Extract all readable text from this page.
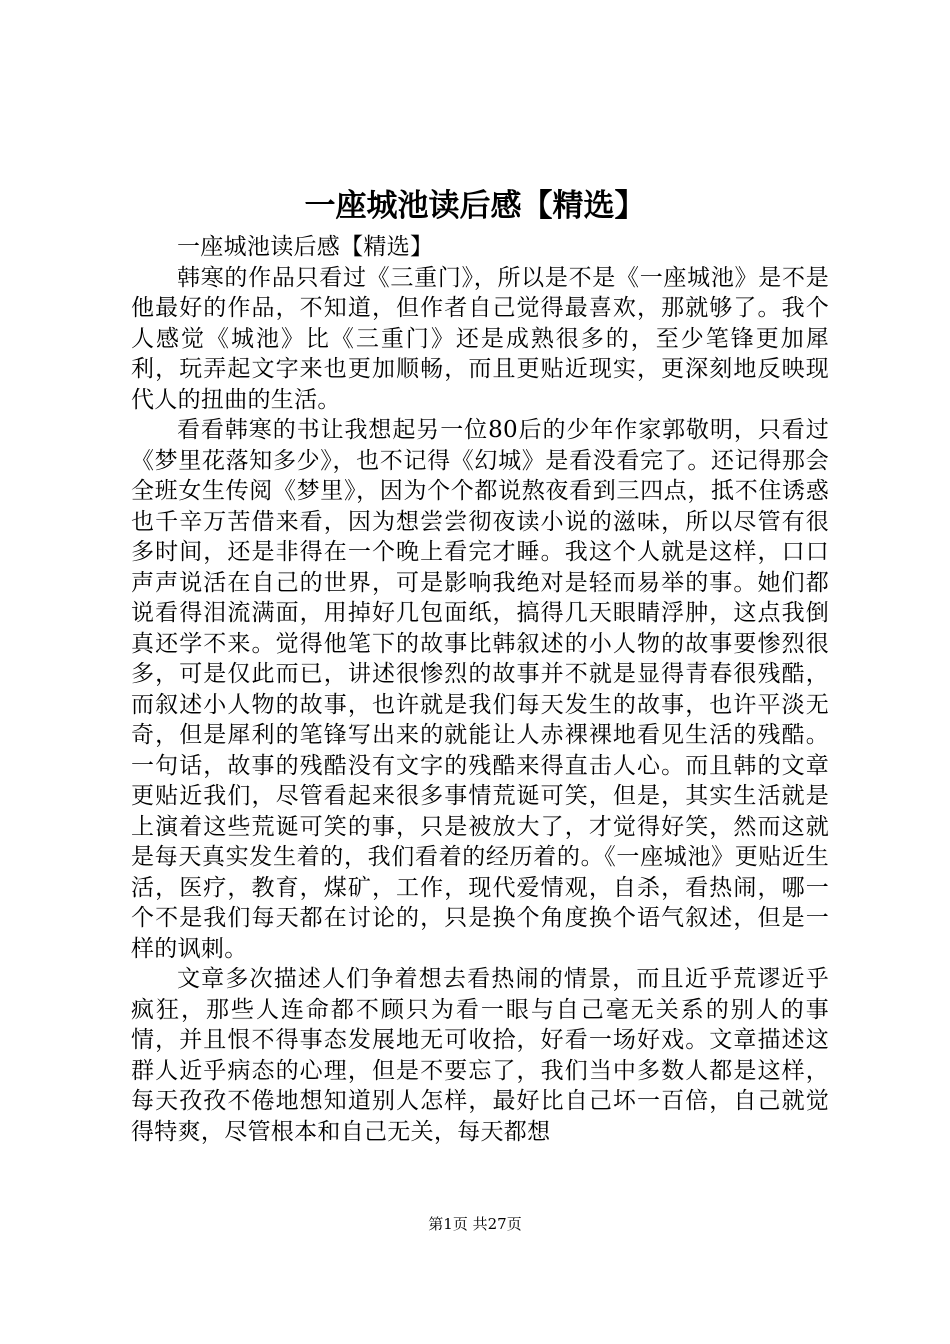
一座城池读后感【精选】

一座城池读后感【精选】

韩寒的作品只看过《三重门》，所以是不是《一座城池》是不是他最好的作品，不知道，但作者自己觉得最喜欢，那就够了。我个人感觉《城池》比《三重门》还是成熟很多的，至少笔锋更加犀利，玩弄起文字来也更加顺畅，而且更贴近现实，更深刻地反映现代人的扭曲的生活。

看看韩寒的书让我想起另一位80后的少年作家郭敬明，只看过《梦里花落知多少》，也不记得《幻城》是看没看完了。还记得那会全班女生传阅《梦里》，因为个个都说熬夜看到三四点，抵不住诱惑也千辛万苦借来看，因为想尝尝彻夜读小说的滋味，所以尽管有很多时间，还是非得在一个晚上看完才睡。我这个人就是这样，口口声声说活在自己的世界，可是影响我绝对是轻而易举的事。她们都说看得泪流满面，用掉好几包面纸，搞得几天眼睛浮肿，这点我倒真还学不来。觉得他笔下的故事比韩叙述的小人物的故事要惨烈很多，可是仅此而已，讲述很惨烈的故事并不就是显得青春很残酷，而叙述小人物的故事，也许就是我们每天发生的故事，也许平淡无奇，但是犀利的笔锋写出来的就能让人赤裸裸地看见生活的残酷。一句话，故事的残酷没有文字的残酷来得直击人心。而且韩的文章更贴近我们，尽管看起来很多事情荒诞可笑，但是，其实生活就是上演着这些荒诞可笑的事，只是被放大了，才觉得好笑，然而这就是每天真实发生着的，我们看着的经历着的。《一座城池》更贴近生活，医疗，教育，煤矿，工作，现代爱情观，自杀，看热闹，哪一个不是我们每天都在讨论的，只是换个角度换个语气叙述，但是一样的讽刺。

文章多次描述人们争着想去看热闹的情景，而且近乎荒谬近乎疯狂，那些人连命都不顾只为看一眼与自己毫无关系的别人的事情，并且恨不得事态发展地无可收拾，好看一场好戏。文章描述这群人近乎病态的心理，但是不要忘了，我们当中多数人都是这样，每天孜孜不倦地想知道别人怎样，最好比自己坏一百倍，自己就觉得特爽，尽管根本和自己无关，每天都想

第1页 共27页
